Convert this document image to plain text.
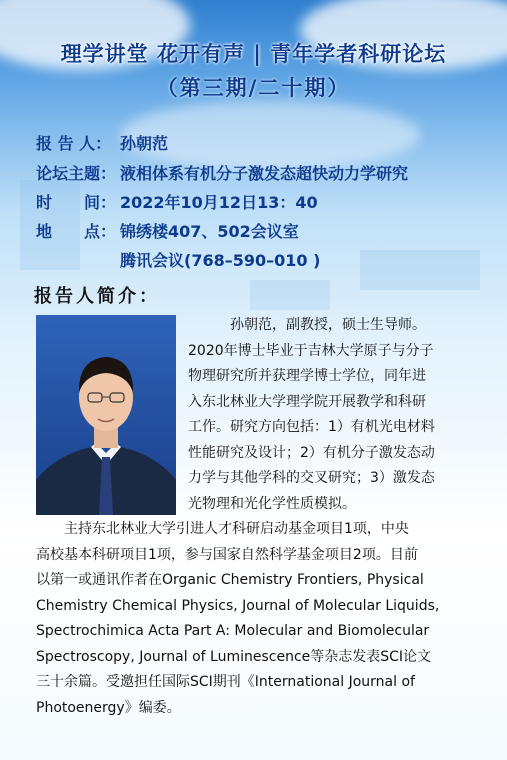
理学讲堂 花开有声 | 青年学者科研论坛
（第三期/二十期）
报 告 人： 孙朝范
论坛主题： 液相体系有机分子激发态超快动力学研究
时　　间： 2022年10月12日13：40
地　　点： 锦绣楼407、502会议室
腾讯会议(768–590–010 )
报告人简介：
孙朝范，副教授，硕士生导师。
2020年博士毕业于吉林大学原子与分子
物理研究所并获理学博士学位，同年进
入东北林业大学理学院开展教学和科研
工作。研究方向包括：1）有机光电材料
性能研究及设计；2）有机分子激发态动
力学与其他学科的交叉研究；3）激发态
光物理和光化学性质模拟。
主持东北林业大学引进人才科研启动基金项目1项，中央
高校基本科研项目1项，参与国家自然科学基金项目2项。目前
以第一或通讯作者在Organic Chemistry Frontiers, Physical
Chemistry Chemical Physics, Journal of Molecular Liquids,
Spectrochimica Acta Part A: Molecular and Biomolecular
Spectroscopy, Journal of Luminescence等杂志发表SCI论文
三十余篇。受邀担任国际SCI期刊《International Journal of
Photoenergy》编委。
